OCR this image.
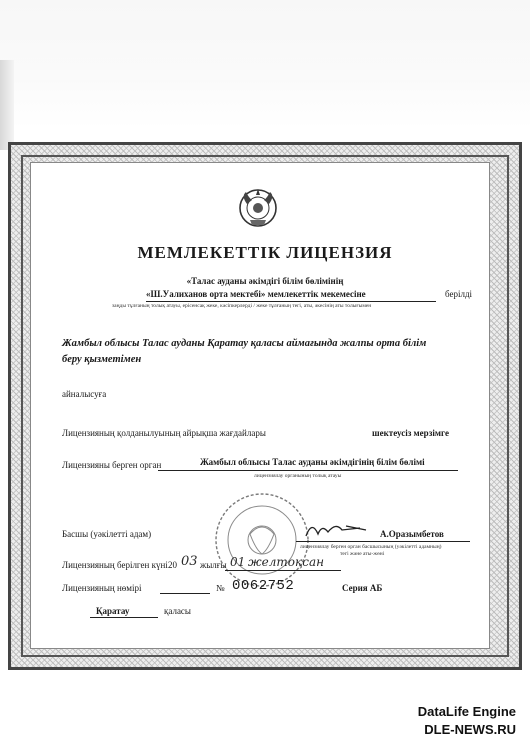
МЕМЛЕКЕТТІК ЛИЦЕНЗИЯ
«Талас ауданы әкімдігі білім бөлімінің
«Ш.Уалиханов орта мектебі» мемлекеттік мекемесіне	берілді
заңды тұлғаның толық атауы, ерісенсақ жеке, кәсіпкерлерді / жеке тұлғаның тегі, аты, әкесінің аты толығымен
Жамбыл облысы Талас ауданы Қаратау қаласы аймағында жалпы орта білім
беру қызметімен
айналысуға
Лицензияның қолданылуының айрықша жағдайлары	шектеусіз мерзімге
Лицензияны берген орган	Жамбыл облысы Талас ауданы әкімдігінің білім бөлімі
лицензиялау органының толық атауы
Басшы (уәкілетті адам)	А.Оразымбетов
лицензиялау берген орган басшысының (уәкілетті адамның)
тегі және аты-жөні
Лицензияның берілген күні 20 03 жылғы 01 желтоқсан
Лицензияның нөмірі	№ 0062752	Серия АБ
Қаратау	қаласы
DataLife Engine
DLE-NEWS.RU
